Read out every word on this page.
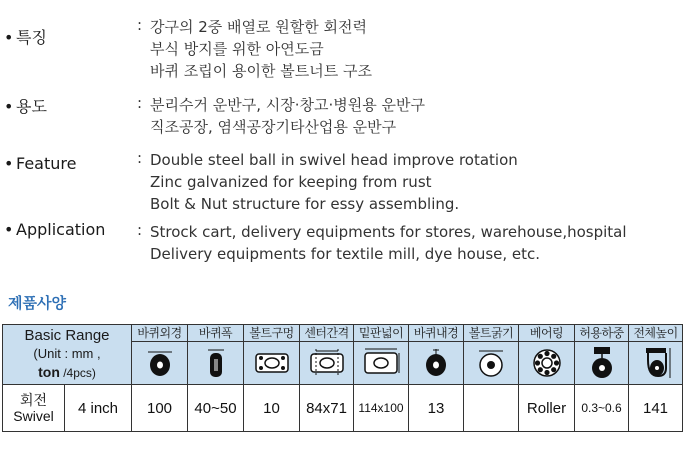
• 특징
: 강구의 2중 배열로 원할한 회전력
부식 방지를 위한 아연도금
바퀴 조립이 용이한 볼트너트 구조
• 용도	: 분리수거 운반구, 시장·창고·병원용 운반구
직조공장, 염색공장기타산업용 운반구
• Feature	: Double steel ball in swivel head improve rotation
Zinc galvanized for keeping from rust
Bolt & Nut structure for essy assembling.
• Application : Strock cart, delivery equipments for stores, warehouse,hospital
Delivery equipments for textile mill, dye house, etc.
제품사양
Basic Range
(Unit : mm ,
ton /4pcs)		바퀴외경	바퀴폭	볼트구멍	센터간격	밑판넓이	바퀴내경	볼트굵기	베어링	허용하중	전체높이

회전
Swivel	4 inch	100	40~50	10	84x71	114x100	13		Roller	0.3~0.6	141
